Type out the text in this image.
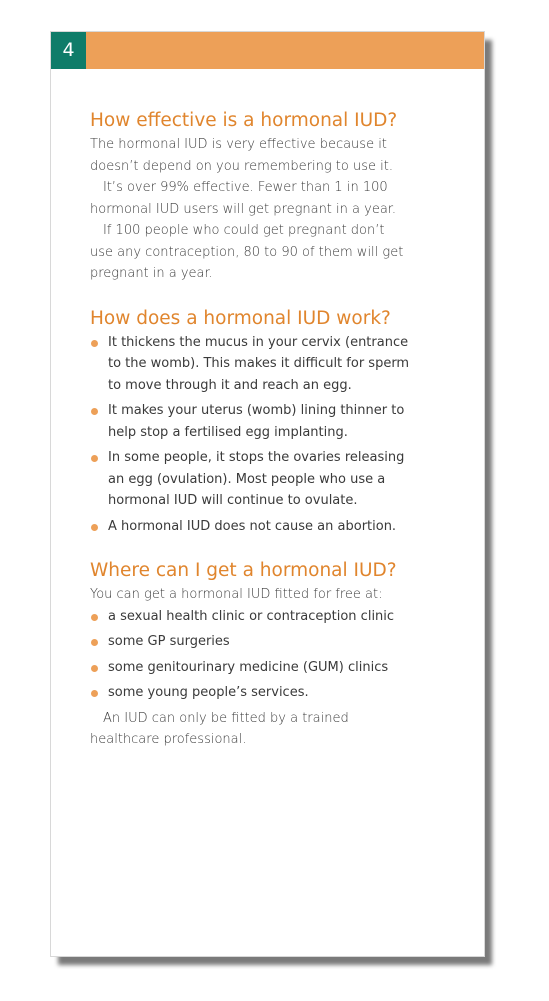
4
How effective is a hormonal IUD?

The hormonal IUD is very effective because it
doesn’t depend on you remembering to use it.

It’s over 99% effective. Fewer than 1 in 100
hormonal IUD users will get pregnant in a year.

If 100 people who could get pregnant don’t
use any contraception, 80 to 90 of them will get
pregnant in a year.

How does a hormonal IUD work?
It thickens the mucus in your cervix (entrance
to the womb). This makes it difficult for sperm
to move through it and reach an egg.
It makes your uterus (womb) lining thinner to
help stop a fertilised egg implanting.
In some people, it stops the ovaries releasing
an egg (ovulation). Most people who use a
hormonal IUD will continue to ovulate.
A hormonal IUD does not cause an abortion.
Where can I get a hormonal IUD?

You can get a hormonal IUD fitted for free at:

a sexual health clinic or contraception clinic
some GP surgeries
some genitourinary medicine (GUM) clinics
some young people’s services.

An IUD can only be fitted by a trained
healthcare professional.
